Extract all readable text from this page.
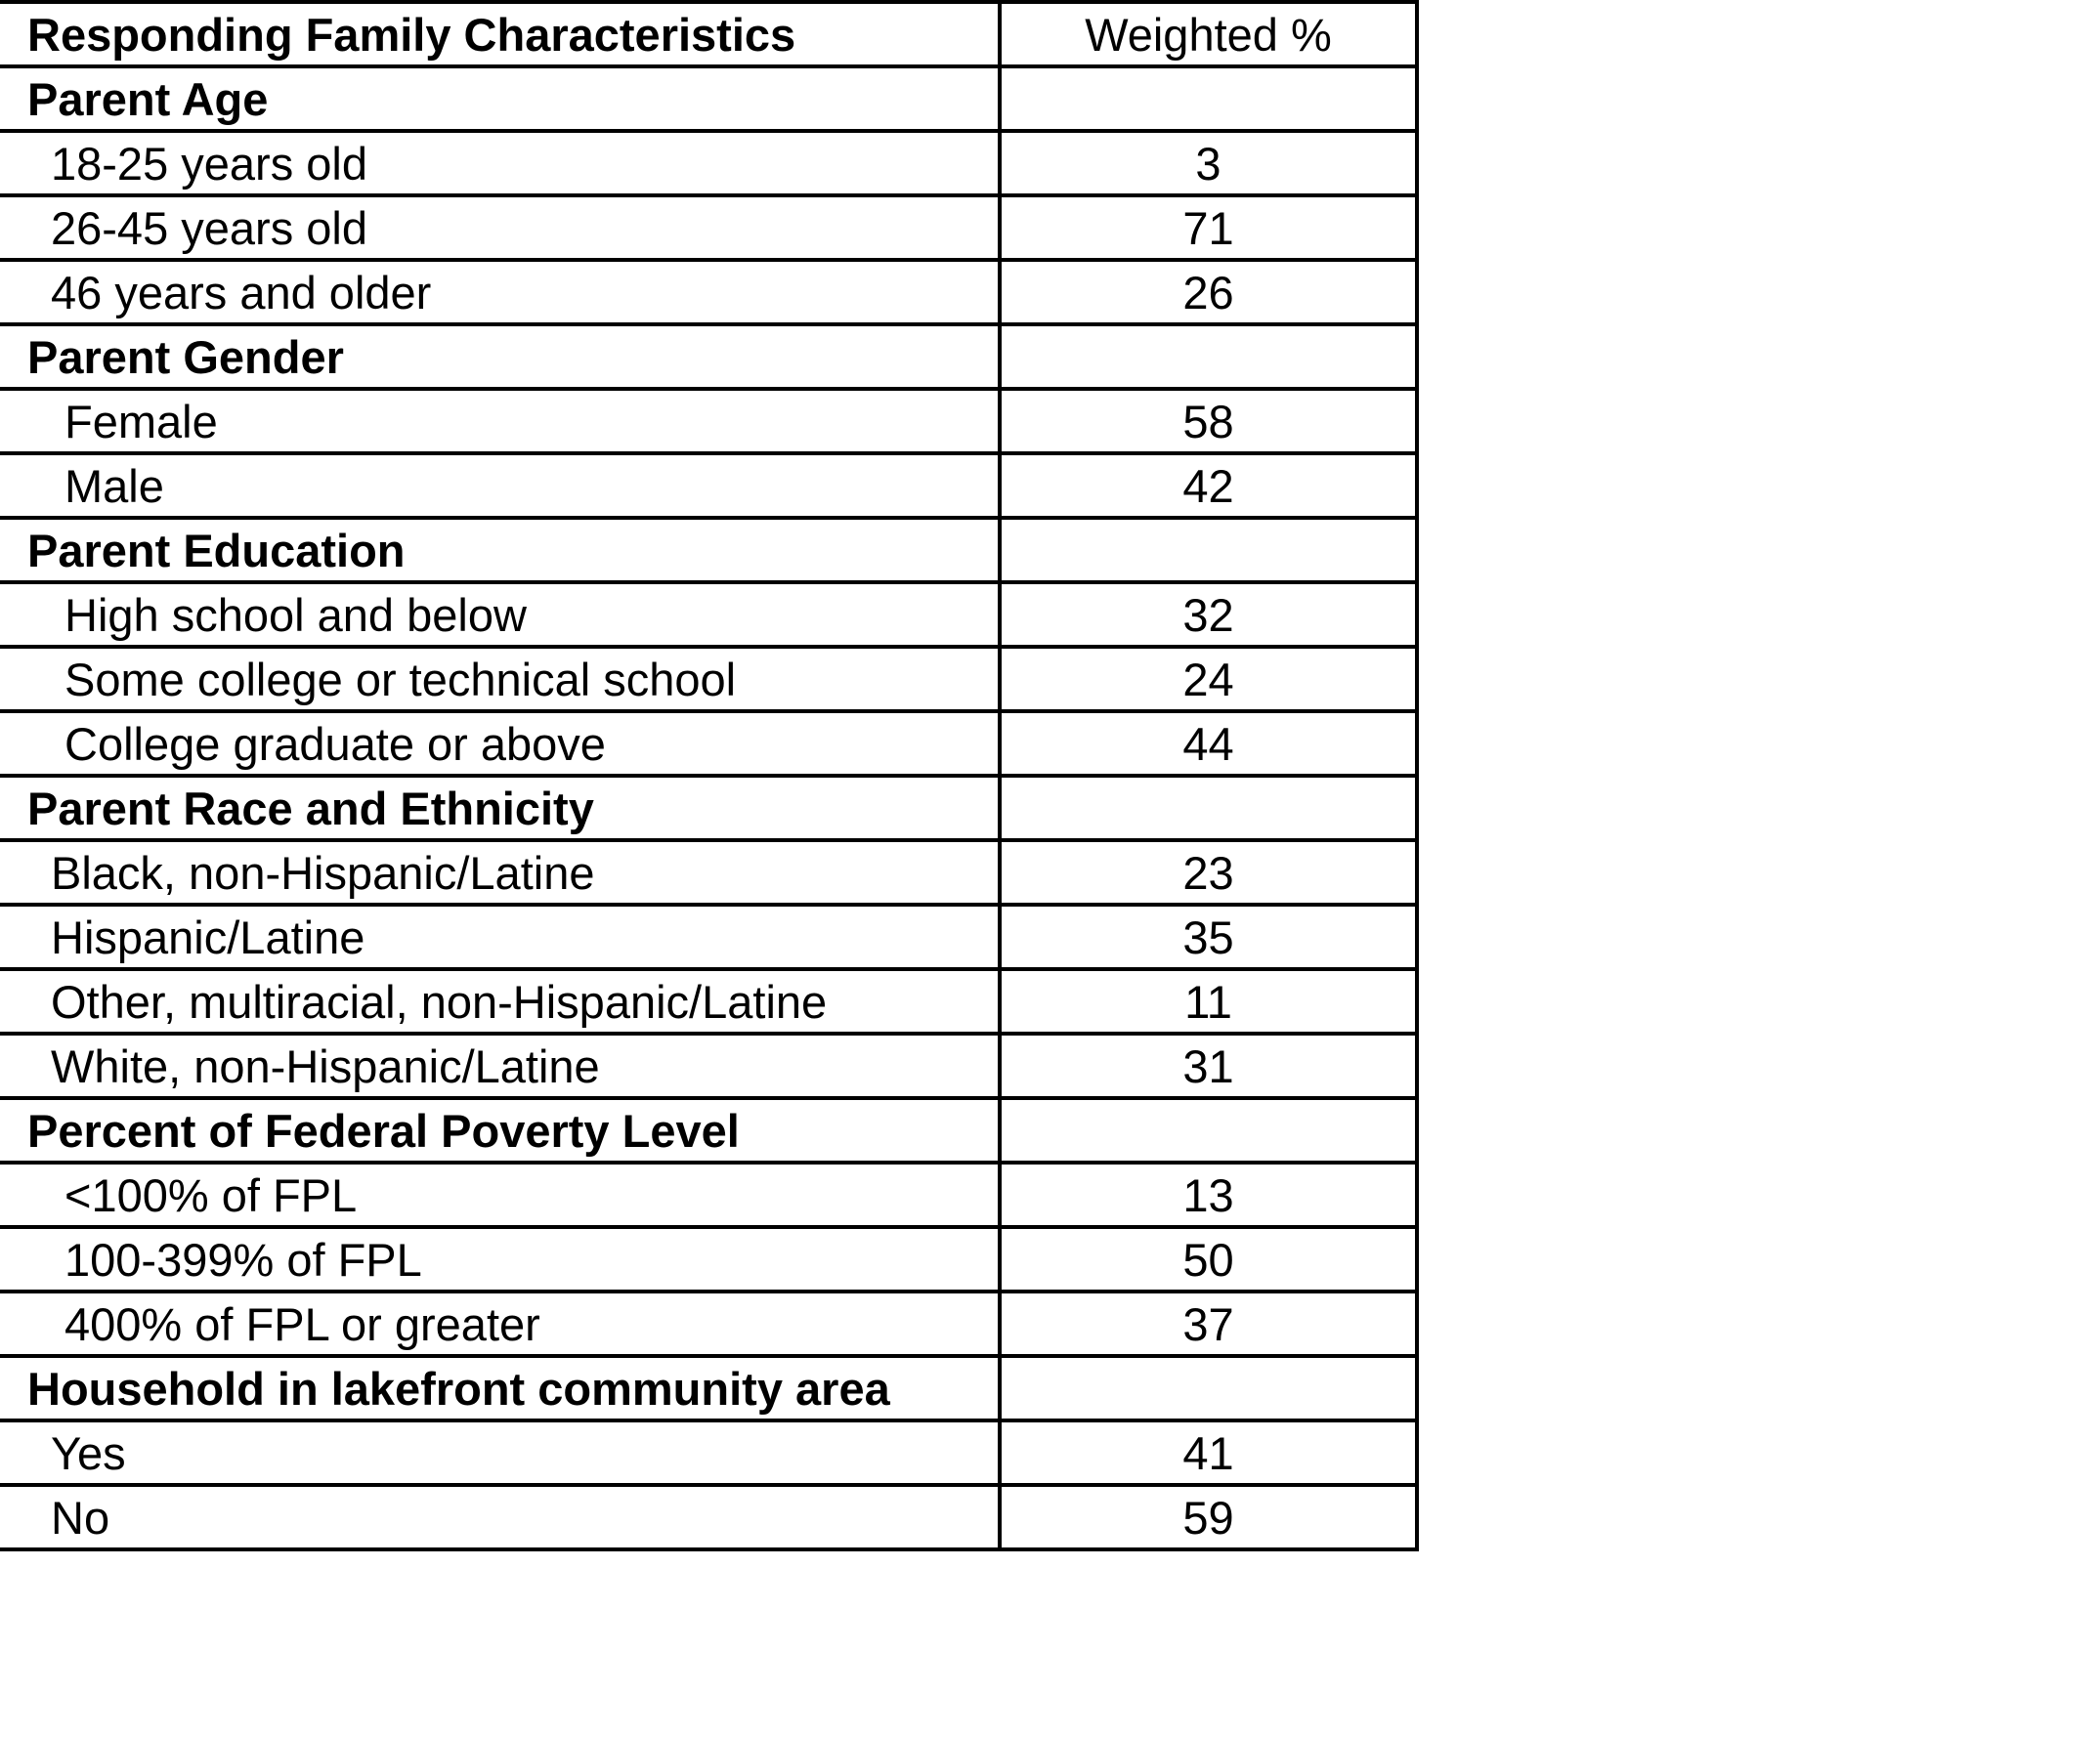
Responding Family Characteristics	Weighted %
Parent Age	
18-25 years old	3
26-45 years old	71
46 years and older	26
Parent Gender	
Female	58
Male	42
Parent Education	
High school and below	32
Some college or technical school	24
College graduate or above	44
Parent Race and Ethnicity	
Black, non-Hispanic/Latine	23
Hispanic/Latine	35
Other, multiracial, non-Hispanic/Latine	11
White, non-Hispanic/Latine	31
Percent of Federal Poverty Level	
<100% of FPL	13
100-399% of FPL	50
400% of FPL or greater	37
Household in lakefront community area	
Yes	41
No	59
